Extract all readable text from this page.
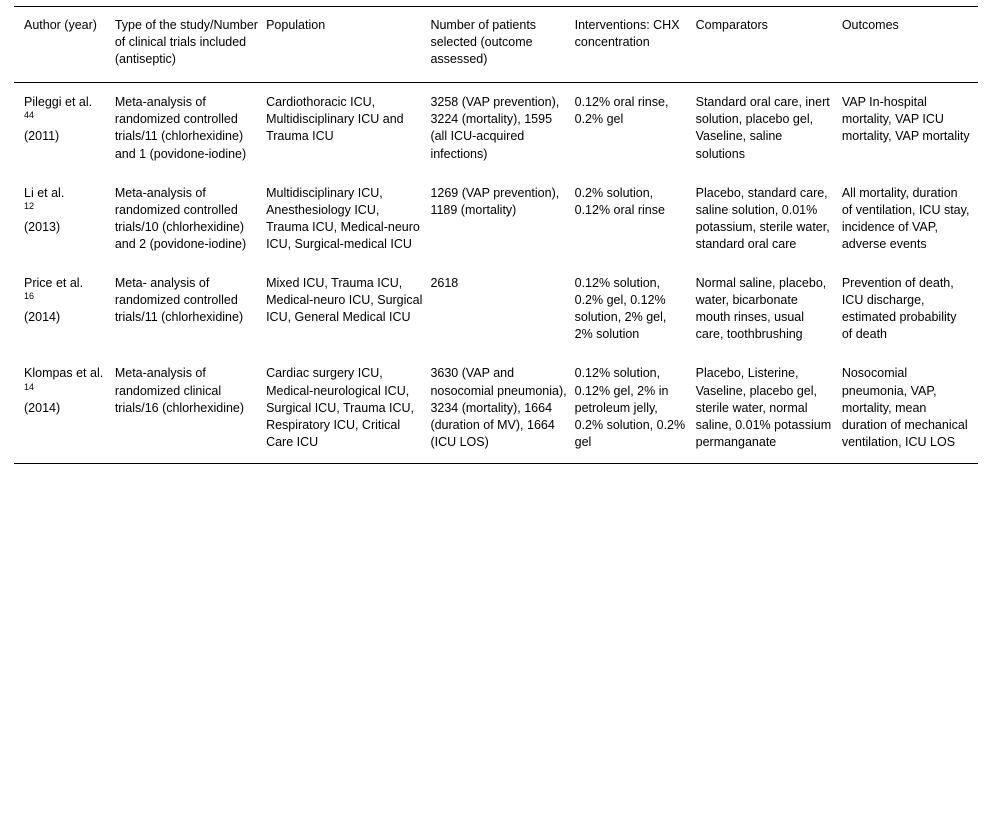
Author (year)	Type of the study/Number of clinical trials included (antiseptic)	Population	Number of patients selected (outcome assessed)	Interventions: CHX concentration	Comparators	Outcomes

Pileggi et al.
$^{44}$
(2011)	Meta-analysis of randomized controlled trials/11 (chlorhexidine) and 1 (povidone-iodine)	Cardiothoracic ICU, Multidisciplinary ICU and Trauma ICU	3258 (VAP prevention), 3224 (mortality), 1595 (all ICU-acquired infections)	0.12% oral rinse, 0.2% gel	Standard oral care, inert solution, placebo gel, Vaseline, saline solutions	VAP In-hospital mortality, VAP ICU mortality, VAP mortality

Li et al.
$^{12}$
(2013)	Meta-analysis of randomized controlled trials/10 (chlorhexidine) and 2 (povidone-iodine)	Multidisciplinary ICU, Anesthesiology ICU, Trauma ICU, Medical-neuro ICU, Surgical-medical ICU	1269 (VAP prevention), 1189 (mortality)	0.2% solution, 0.12% oral rinse	Placebo, standard care, saline solution, 0.01% potassium, sterile water, standard oral care	All mortality, duration of ventilation, ICU stay, incidence of VAP, adverse events

Price et al.
$^{16}$
(2014)	Meta- analysis of randomized controlled trials/11 (chlorhexidine)	Mixed ICU, Trauma ICU, Medical-neuro ICU, Surgical ICU, General Medical ICU	2618	0.12% solution, 0.2% gel, 0.12% solution, 2% gel, 2% solution	Normal saline, placebo, water, bicarbonate mouth rinses, usual care, toothbrushing	Prevention of death, ICU discharge, estimated probability of death

Klompas et al.
$^{14}$
(2014)	Meta-analysis of randomized clinical trials/16 (chlorhexidine)	Cardiac surgery ICU, Medical-neurological ICU, Surgical ICU, Trauma ICU, Respiratory ICU, Critical Care ICU	3630 (VAP and nosocomial pneumonia), 3234 (mortality), 1664 (duration of MV), 1664 (ICU LOS)	0.12% solution, 0.12% gel, 2% in petroleum jelly, 0.2% solution, 0.2% gel	Placebo, Listerine, Vaseline, placebo gel, sterile water, normal saline, 0.01% potassium permanganate	Nosocomial pneumonia, VAP, mortality, mean duration of mechanical ventilation, ICU LOS
